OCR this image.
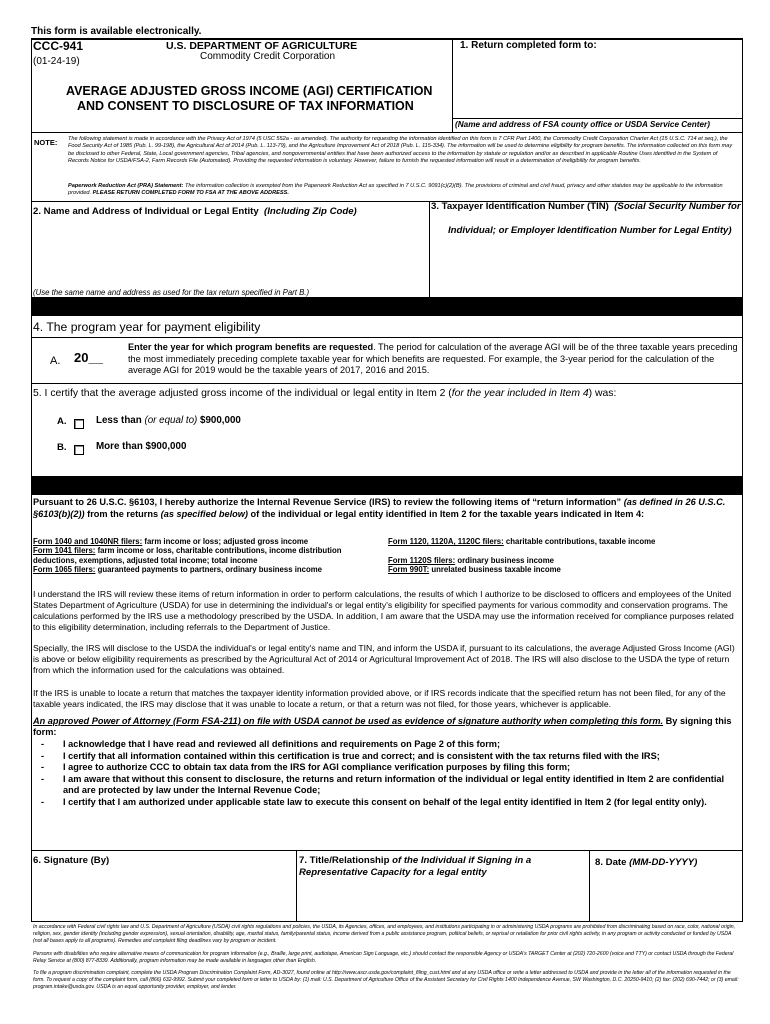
This form is available electronically.
CCC-941
(01-24-19)
U.S. DEPARTMENT OF AGRICULTURE
Commodity Credit Corporation
1. Return completed form to:
AVERAGE ADJUSTED GROSS INCOME (AGI) CERTIFICATION
AND CONSENT TO DISCLOSURE OF TAX INFORMATION
(Name and address of FSA county office or USDA Service Center)
NOTE: The following statement is made in accordance with the Privacy Act of 1974 (5 USC 552a - as amended). The authority for requesting the information identified on this form is 7 CFR Part 1400, the Commodity Credit Corporation Charter Act (15 U.S.C. 714 et seq.), the Food Security Act of 1985 (Pub. L. 99-198), the Agricultural Act of 2014 (Pub. L. 113-79), and the Agriculture Improvement Act of 2018 (Pub. L. 115-334). The information will be used to determine eligibility for program benefits. The information collected on this form may be disclosed to other Federal, State, Local government agencies, Tribal agencies, and nongovernmental entities that have been authorized access to the information by statute or regulation and/or as described in applicable Routine Uses identified in the System of Records Notice for USDA/FSA-2, Farm Records File (Automated). Providing the requested information is voluntary. However, failure to furnish the requested information will result in a determination of ineligibility for program benefits.
Paperwork Reduction Act (PRA) Statement: The information collection is exempted from the Paperwork Reduction Act as specified in 7 U.S.C. 9091(c)(2)(B). The provisions of criminal and civil fraud, privacy and other statutes may be applicable to the information provided. PLEASE RETURN COMPLETED FORM TO FSA AT THE ABOVE ADDRESS.
2. Name and Address of Individual or Legal Entity (Including Zip Code)
(Use the same name and address as used for the tax return specified in Part B.)
3. Taxpayer Identification Number (TIN) (Social Security Number for
Individual; or Employer Identification Number for Legal Entity)
4. The program year for payment eligibility
A. 20__
Enter the year for which program benefits are requested. The period for calculation of the average AGI will be of the three taxable years preceding the most immediately preceding complete taxable year for which benefits are requested. For example, the 3-year period for the calculation of the average AGI for 2019 would be the taxable years of 2017, 2016 and 2015.
5. I certify that the average adjusted gross income of the individual or legal entity in Item 2 (for the year included in Item 4) was:
A.	Less than (or equal to) $900,000
B.	More than $900,000
Pursuant to 26 U.S.C. §6103, I hereby authorize the Internal Revenue Service (IRS) to review the following items of “return information” (as defined in 26 U.S.C. §6103(b)(2)) from the returns (as specified below) of the individual or legal entity identified in Item 2 for the taxable years indicated in Item 4:
Form 1040 and 1040NR filers: farm income or loss; adjusted gross income
Form 1041 filers: farm income or loss, charitable contributions, income distribution deductions, exemptions, adjusted total income; total income
Form 1065 filers: guaranteed payments to partners, ordinary business income
Form 1120, 1120A, 1120C filers: charitable contributions, taxable income
Form 1120S filers: ordinary business income
Form 990T: unrelated business taxable income
I understand the IRS will review these items of return information in order to perform calculations, the results of which I authorize to be disclosed to officers and employees of the United States Department of Agriculture (USDA) for use in determining the individual's or legal entity's eligibility for specified payments for various commodity and conservation programs. The calculations performed by the IRS use a methodology prescribed by the USDA. In addition, I am aware that the USDA may use the information received for compliance purposes related to this eligibility determination, including referrals to the Department of Justice.
Specially, the IRS will disclose to the USDA the individual's or legal entity's name and TIN, and inform the USDA if, pursuant to its calculations, the average Adjusted Gross Income (AGI) is above or below eligibility requirements as prescribed by the Agricultural Act of 2014 or Agricultural Improvement Act of 2018. The IRS will also disclose to the USDA the type of return from which the information used for the calculations was obtained.
If the IRS is unable to locate a return that matches the taxpayer identity information provided above, or if IRS records indicate that the specified return has not been filed, for any of the taxable years indicated, the IRS may disclose that it was unable to locate a return, or that a return was not filed, for those years, whichever is applicable.
An approved Power of Attorney (Form FSA-211) on file with USDA cannot be used as evidence of signature authority when completing this form. By signing this form:
- I acknowledge that I have read and reviewed all definitions and requirements on Page 2 of this form;
- I certify that all information contained within this certification is true and correct; and is consistent with the tax returns filed with the IRS;
- I agree to authorize CCC to obtain tax data from the IRS for AGI compliance verification purposes by filing this form;
- I am aware that without this consent to disclosure, the returns and return information of the individual or legal entity identified in Item 2 are confidential and are protected by law under the Internal Revenue Code;
- I certify that I am authorized under applicable state law to execute this consent on behalf of the legal entity identified in Item 2 (for legal entity only).
6. Signature (By)	7. Title/Relationship of the Individual if Signing in a Representative Capacity for a legal entity
8. Date (MM-DD-YYYY)
In accordance with Federal civil rights law and U.S. Department of Agriculture (USDA) civil rights regulations and policies, the USDA, its Agencies, offices, and employees, and institutions participating in or administering USDA programs are prohibited from discriminating based on race, color, national origin, religion, sex, gender identity (including gender expression), sexual orientation, disability, age, marital status, family/parental status, income derived from a public assistance program, political beliefs, or reprisal or retaliation for prior civil rights activity, in any program or activity conducted or funded by USDA (not all bases apply to all programs). Remedies and complaint filing deadlines vary by program or incident.
Persons with disabilities who require alternative means of communication for program information (e.g., Braille, large print, audiotape, American Sign Language, etc.) should contact the responsible Agency or USDA's TARGET Center at (202) 720-2600 (voice and TTY) or contact USDA through the Federal Relay Service at (800) 877-8339. Additionally, program information may be made available in languages other than English.
To file a program discrimination complaint, complete the USDA Program Discrimination Complaint Form, AD-3027, found online at http://www.ascr.usda.gov/complaint_filing_cust.html and at any USDA office or write a letter addressed to USDA and provide in the letter all of the information requested in the form. To request a copy of the complaint form, call (866) 632-9992. Submit your completed form or letter to USDA by: (1) mail: U.S. Department of Agriculture Office of the Assistant Secretary for Civil Rights 1400 Independence Avenue, SW Washington, D.C. 20250-9410; (2) fax: (202) 690-7442; or (3) email: program.intake@usda.gov. USDA is an equal opportunity provider, employer, and lender.
